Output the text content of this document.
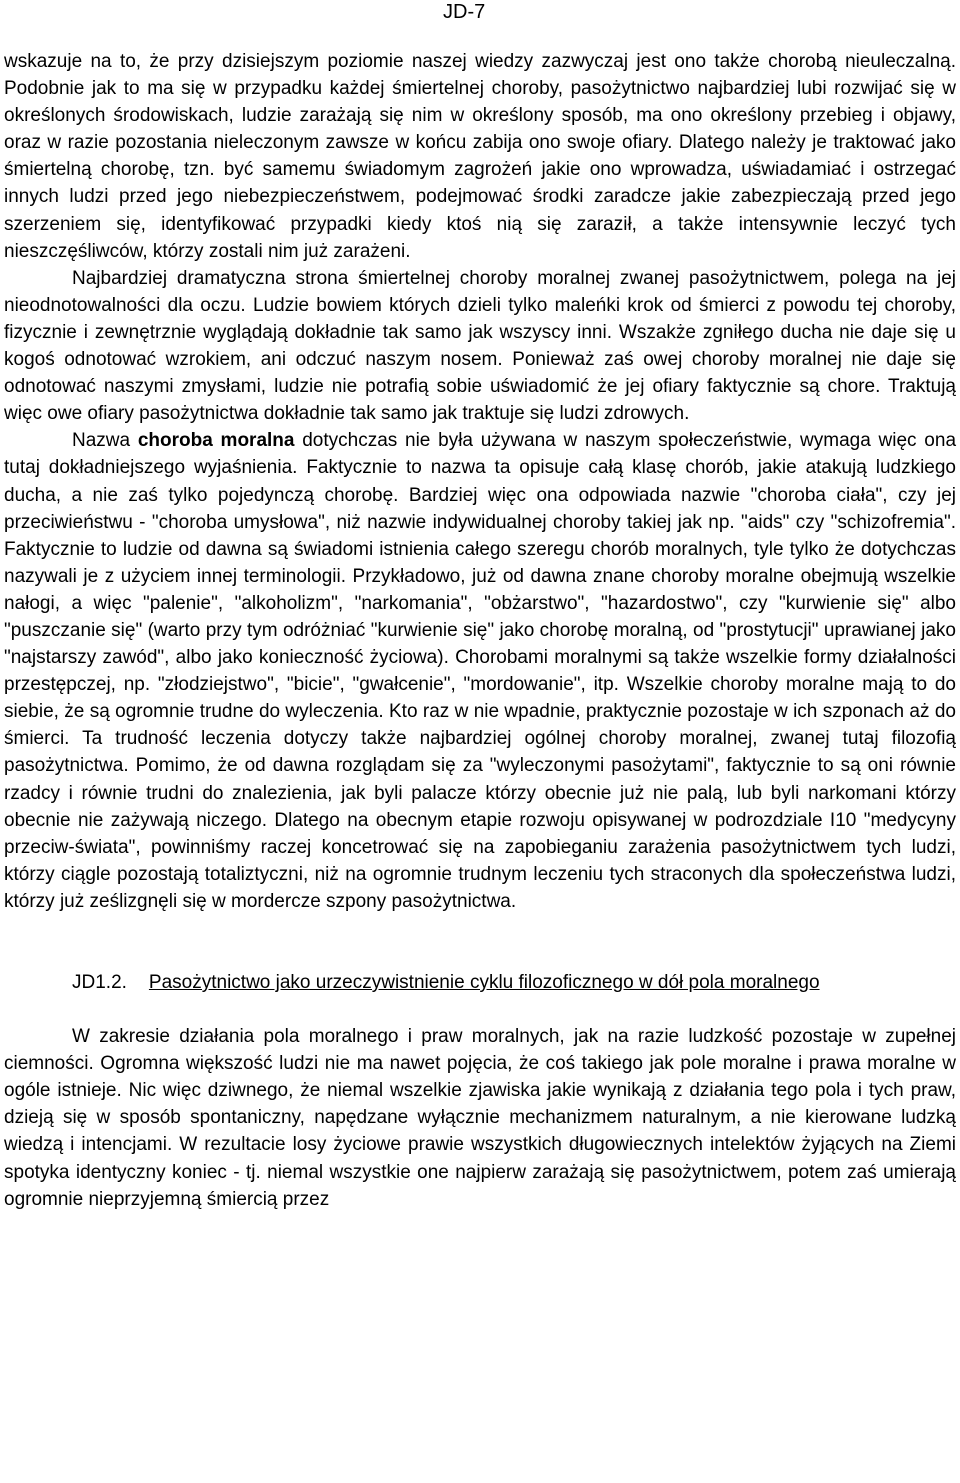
JD-7

wskazuje na to, że przy dzisiejszym poziomie naszej wiedzy zazwyczaj jest ono także chorobą nieuleczalną. Podobnie jak to ma się w przypadku każdej śmiertelnej choroby, pasożytnictwo najbardziej lubi rozwijać się w określonych środowiskach, ludzie zarażają się nim w określony sposób, ma ono określony przebieg i objawy, oraz w razie pozostania nieleczonym zawsze w końcu zabija ono swoje ofiary. Dlatego należy je traktować jako śmiertelną chorobę, tzn. być samemu świadomym zagrożeń jakie ono wprowadza, uświadamiać i ostrzegać innych ludzi przed jego niebezpieczeństwem, podejmować środki zaradcze jakie zabezpieczają przed jego szerzeniem się, identyfikować przypadki kiedy ktoś nią się zaraził, a także intensywnie leczyć tych nieszczęśliwców, którzy zostali nim już zarażeni.

Najbardziej dramatyczna strona śmiertelnej choroby moralnej zwanej pasożytnictwem, polega na jej nieodnotowalności dla oczu. Ludzie bowiem których dzieli tylko maleńki krok od śmierci z powodu tej choroby, fizycznie i zewnętrznie wyglądają dokładnie tak samo jak wszyscy inni. Wszakże zgniłego ducha nie daje się u kogoś odnotować wzrokiem, ani odczuć naszym nosem. Ponieważ zaś owej choroby moralnej nie daje się odnotować naszymi zmysłami, ludzie nie potrafią sobie uświadomić że jej ofiary faktycznie są chore. Traktują więc owe ofiary pasożytnictwa dokładnie tak samo jak traktuje się ludzi zdrowych.

Nazwa choroba moralna dotychczas nie była używana w naszym społeczeństwie, wymaga więc ona tutaj dokładniejszego wyjaśnienia. Faktycznie to nazwa ta opisuje całą klasę chorób, jakie atakują ludzkiego ducha, a nie zaś tylko pojedynczą chorobę. Bardziej więc ona odpowiada nazwie "choroba ciała", czy jej przeciwieństwu - "choroba umysłowa", niż nazwie indywidualnej choroby takiej jak np. "aids" czy "schizofremia". Faktycznie to ludzie od dawna są świadomi istnienia całego szeregu chorób moralnych, tyle tylko że dotychczas nazywali je z użyciem innej terminologii. Przykładowo, już od dawna znane choroby moralne obejmują wszelkie nałogi, a więc "palenie", "alkoholizm", "narkomania", "obżarstwo", "hazardostwo", czy "kurwienie się" albo "puszczanie się" (warto przy tym odróżniać "kurwienie się" jako chorobę moralną, od "prostytucji" uprawianej jako "najstarszy zawód", albo jako konieczność życiowa). Chorobami moralnymi są także wszelkie formy działalności przestępczej, np. "złodziejstwo", "bicie", "gwałcenie", "mordowanie", itp. Wszelkie choroby moralne mają to do siebie, że są ogromnie trudne do wyleczenia. Kto raz w nie wpadnie, praktycznie pozostaje w ich szponach aż do śmierci. Ta trudność leczenia dotyczy także najbardziej ogólnej choroby moralnej, zwanej tutaj filozofią pasożytnictwa. Pomimo, że od dawna rozglądam się za "wyleczonymi pasożytami", faktycznie to są oni równie rzadcy i równie trudni do znalezienia, jak byli palacze którzy obecnie już nie palą, lub byli narkomani którzy obecnie nie zażywają niczego. Dlatego na obecnym etapie rozwoju opisywanej w podrozdziale I10 "medycyny przeciw-świata", powinniśmy raczej koncetrować się na zapobieganiu zarażenia pasożytnictwem tych ludzi, którzy ciągle pozostają totaliztyczni, niż na ogromnie trudnym leczeniu tych straconych dla społeczeństwa ludzi, którzy już ześlizgnęli się w mordercze szpony pasożytnictwa.

JD1.2. Pasożytnictwo jako urzeczywistnienie cyklu filozoficznego w dół pola moralnego

W zakresie działania pola moralnego i praw moralnych, jak na razie ludzkość pozostaje w zupełnej ciemności. Ogromna większość ludzi nie ma nawet pojęcia, że coś takiego jak pole moralne i prawa moralne w ogóle istnieje. Nic więc dziwnego, że niemal wszelkie zjawiska jakie wynikają z działania tego pola i tych praw, dzieją się w sposób spontaniczny, napędzane wyłącznie mechanizmem naturalnym, a nie kierowane ludzką wiedzą i intencjami. W rezultacie losy życiowe prawie wszystkich długowiecznych intelektów żyjących na Ziemi spotyka identyczny koniec - tj. niemal wszystkie one najpierw zarażają się pasożytnictwem, potem zaś umierają ogromnie nieprzyjemną śmiercią przez
